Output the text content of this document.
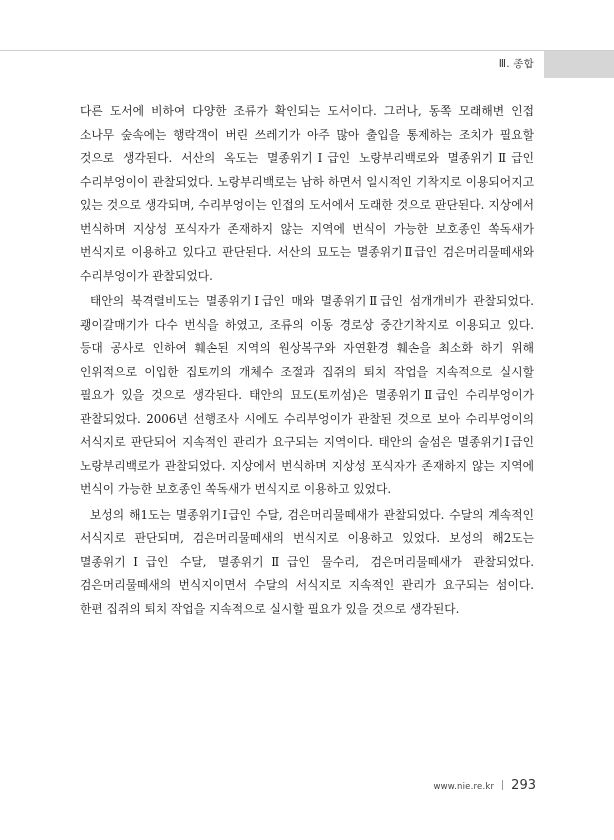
Ⅲ. 종합

다른 도서에 비하여 다양한 조류가 확인되는 도서이다. 그러나, 동쪽 모래해변 인접 소나무 숲속에는 행락객이 버린 쓰레기가 아주 많아 출입을 통제하는 조치가 필요할 것으로 생각된다. 서산의 옥도는 멸종위기Ⅰ급인 노랑부리백로와 멸종위기Ⅱ급인 수리부엉이이 관찰되었다. 노랑부리백로는 남하 하면서 일시적인 기착지로 이용되어지고 있는 것으로 생각되며, 수리부엉이는 인접의 도서에서 도래한 것으로 판단된다. 지상에서 번식하며 지상성 포식자가 존재하지 않는 지역에 번식이 가능한 보호종인 쏙독새가 번식지로 이용하고 있다고 판단된다. 서산의 묘도는 멸종위기Ⅱ급인 검은머리물떼새와 수리부엉이가 관찰되었다.

태안의 북격렬비도는 멸종위기Ⅰ급인 매와 멸종위기Ⅱ급인 섬개개비가 관찰되었다. 괭이갈매기가 다수 번식을 하였고, 조류의 이동 경로상 중간기착지로 이용되고 있다. 등대 공사로 인하여 훼손된 지역의 원상복구와 자연환경 훼손을 최소화 하기 위해 인위적으로 이입한 집토끼의 개체수 조절과 집쥐의 퇴치 작업을 지속적으로 실시할 필요가 있을 것으로 생각된다. 태안의 묘도(토끼섬)은 멸종위기Ⅱ급인 수리부엉이가 관찰되었다. 2006년 선행조사 시에도 수리부엉이가 관찰된 것으로 보아 수리부엉이의 서식지로 판단되어 지속적인 관리가 요구되는 지역이다. 태안의 술섬은 멸종위기Ⅰ급인 노랑부리백로가 관찰되었다. 지상에서 번식하며 지상성 포식자가 존재하지 않는 지역에 번식이 가능한 보호종인 쏙독새가 번식지로 이용하고 있었다.

보성의 해1도는 멸종위기Ⅰ급인 수달, 검은머리물떼새가 관찰되었다. 수달의 계속적인 서식지로 판단되며, 검은머리물떼새의 번식지로 이용하고 있었다. 보성의 해2도는 멸종위기Ⅰ급인 수달, 멸종위기Ⅱ급인 물수리, 검은머리물떼새가 관찰되었다. 검은머리물떼새의 번식지이면서 수달의 서식지로 지속적인 관리가 요구되는 섬이다. 한편 집쥐의 퇴치 작업을 지속적으로 실시할 필요가 있을 것으로 생각된다.

www.nie.re.kr 293
